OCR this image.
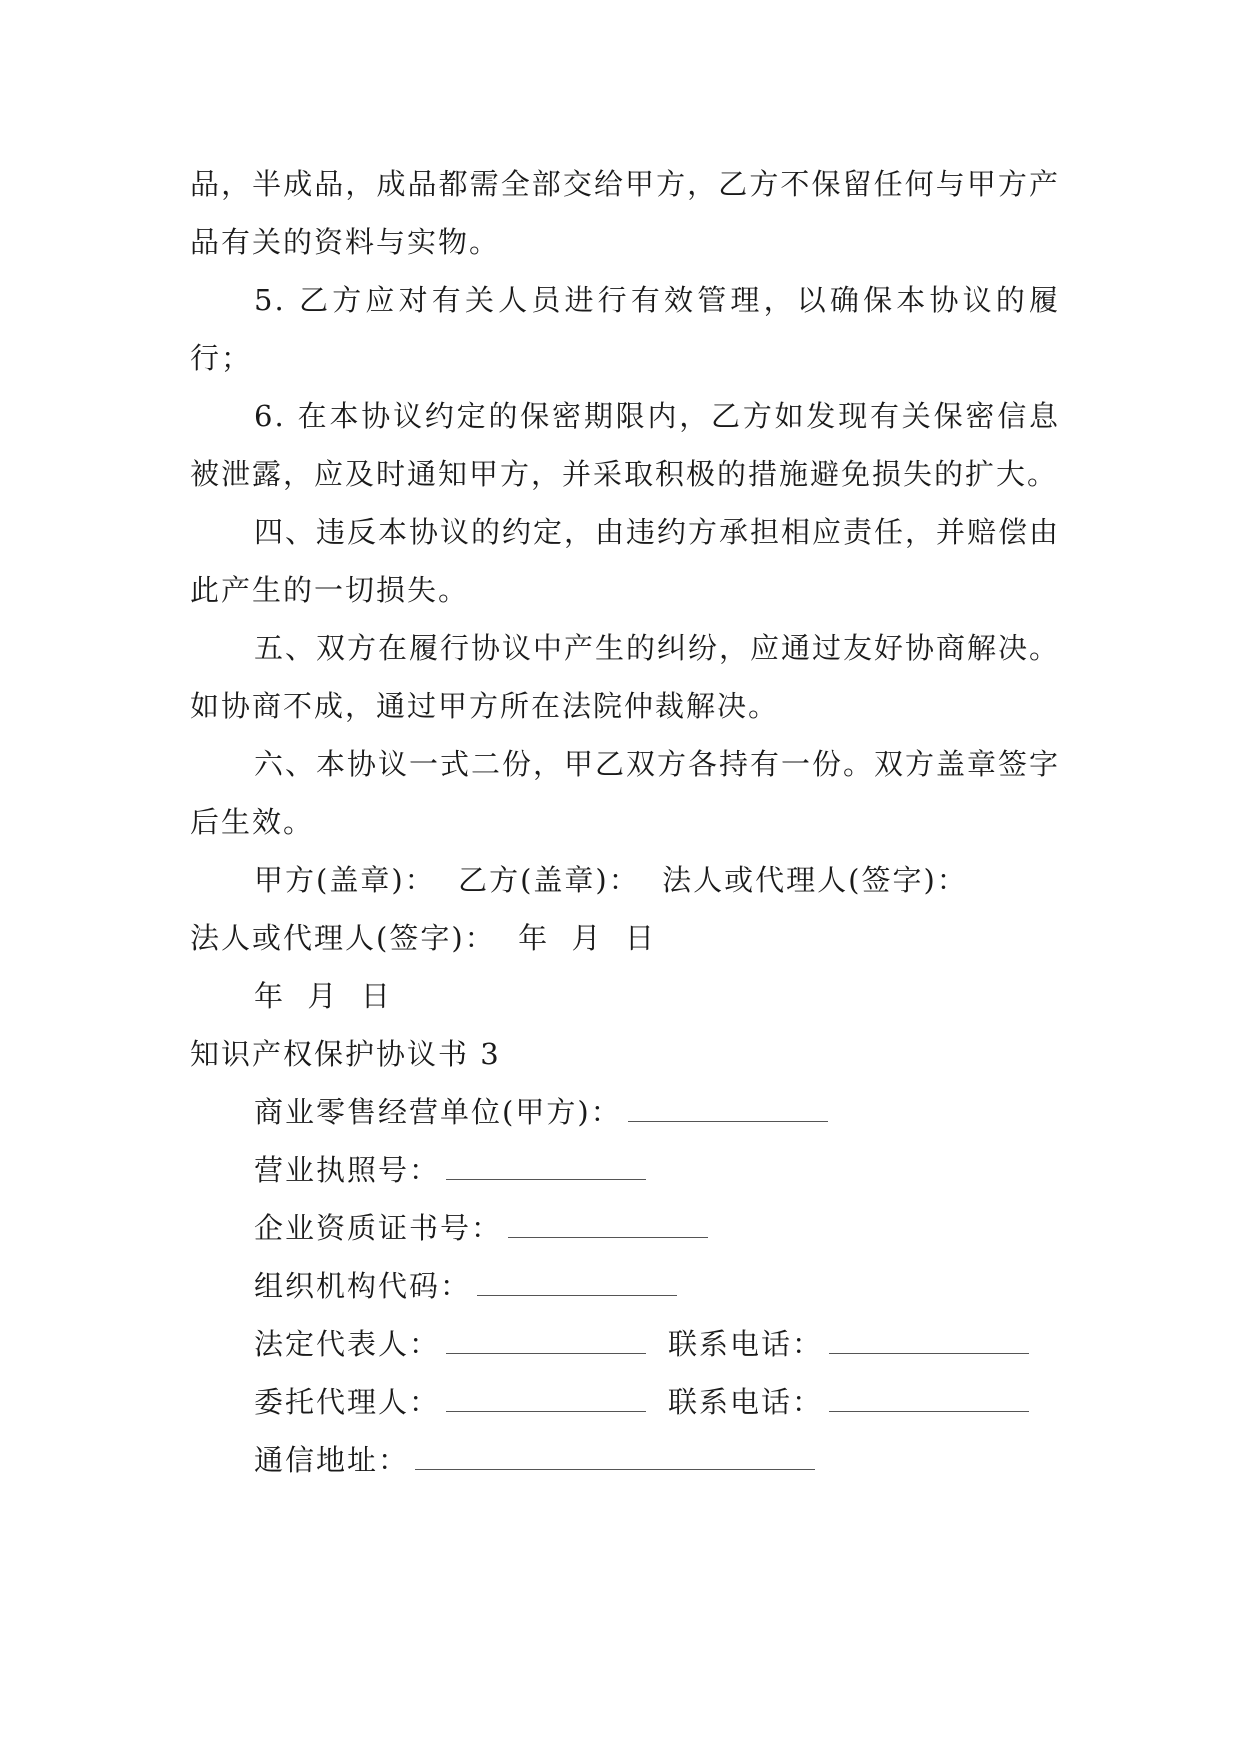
品，半成品，成品都需全部交给甲方，乙方不保留任何与甲方产品有关的资料与实物。

5. 乙方应对有关人员进行有效管理，以确保本协议的履行；

6. 在本协议约定的保密期限内，乙方如发现有关保密信息被泄露，应及时通知甲方，并采取积极的措施避免损失的扩大。

四、违反本协议的约定，由违约方承担相应责任，并赔偿由此产生的一切损失。

五、双方在履行协议中产生的纠纷，应通过友好协商解决。如协商不成，通过甲方所在法院仲裁解决。

六、本协议一式二份，甲乙双方各持有一份。双方盖章签字后生效。

甲方(盖章)：  乙方(盖章)：  法人或代理人(签字)：
法人或代理人(签字)：  年  月  日
年  月  日
知识产权保护协议书 3
商业零售经营单位(甲方)：
营业执照号：
企业资质证书号：
组织机构代码：
法定代表人：	联系电话：
委托代理人：	联系电话：
通信地址：
